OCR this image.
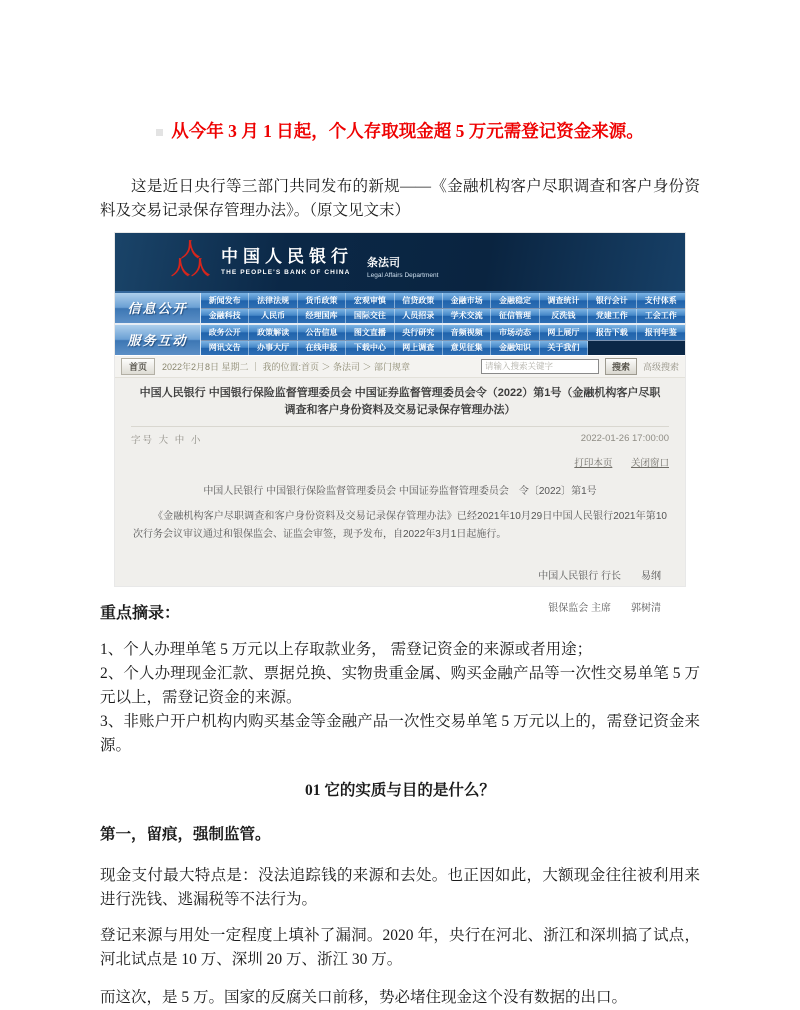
从今年 3 月 1 日起，个人存取现金超 5 万元需登记资金来源。

这是近日央行等三部门共同发布的新规——《金融机构客户尽职调查和客户身份资料及交易记录保存管理办法》。（原文见文末）

人
人 人
中国人民银行
THE PEOPLE'S BANK OF CHINA
条法司
Legal Affairs Department
信息公开
新闻发布	法律法规	货币政策	宏观审慎	信贷政策	金融市场	金融稳定	调查统计	银行会计	支付体系
金融科技	人民币	经理国库	国际交往	人员招录	学术交流	征信管理	反洗钱	党建工作	工会工作
服务互动
政务公开	政策解读	公告信息	图文直播	央行研究	音频视频	市场动态	网上展厅	报告下载	报刊年鉴
网讯文告	办事大厅	在线申报	下载中心	网上调查	意见征集	金融知识	关于我们
首页	2022年2月8日 星期二 ｜ 我的位置:首页 ＞ 条法司 ＞ 部门规章
请输入搜索关键字	搜索	高级搜索
中国人民银行 中国银行保险监督管理委员会 中国证券监督管理委员会令（2022）第1号（金融机构客户尽职调查和客户身份资料及交易记录保存管理办法）
字号 大 中 小	2022-01-26 17:00:00
打印本页 关闭窗口
中国人民银行 中国银行保险监督管理委员会 中国证券监督管理委员会　令〔2022〕第1号
《金融机构客户尽职调查和客户身份资料及交易记录保存管理办法》已经2021年10月29日中国人民银行2021年第10次行务会议审议通过和银保监会、证监会审签，现予发布，自2022年3月1日起施行。
中国人民银行 行长　　易纲
银保监会 主席　　郭树清
重点摘录：

1、个人办理单笔 5 万元以上存取款业务， 需登记资金的来源或者用途；

2、个人办理现金汇款、票据兑换、实物贵重金属、购买金融产品等一次性交易单笔 5 万元以上，需登记资金的来源。

3、非账户开户机构内购买基金等金融产品一次性交易单笔 5 万元以上的，需登记资金来源。

01 它的实质与目的是什么？
第一，留痕，强制监管。

现金支付最大特点是：没法追踪钱的来源和去处。也正因如此，大额现金往往被利用来进行洗钱、逃漏税等不法行为。

登记来源与用处一定程度上填补了漏洞。2020 年，央行在河北、浙江和深圳搞了试点，河北试点是 10 万、深圳 20 万、浙江 30 万。

而这次，是 5 万。国家的反腐关口前移，势必堵住现金这个没有数据的出口。
